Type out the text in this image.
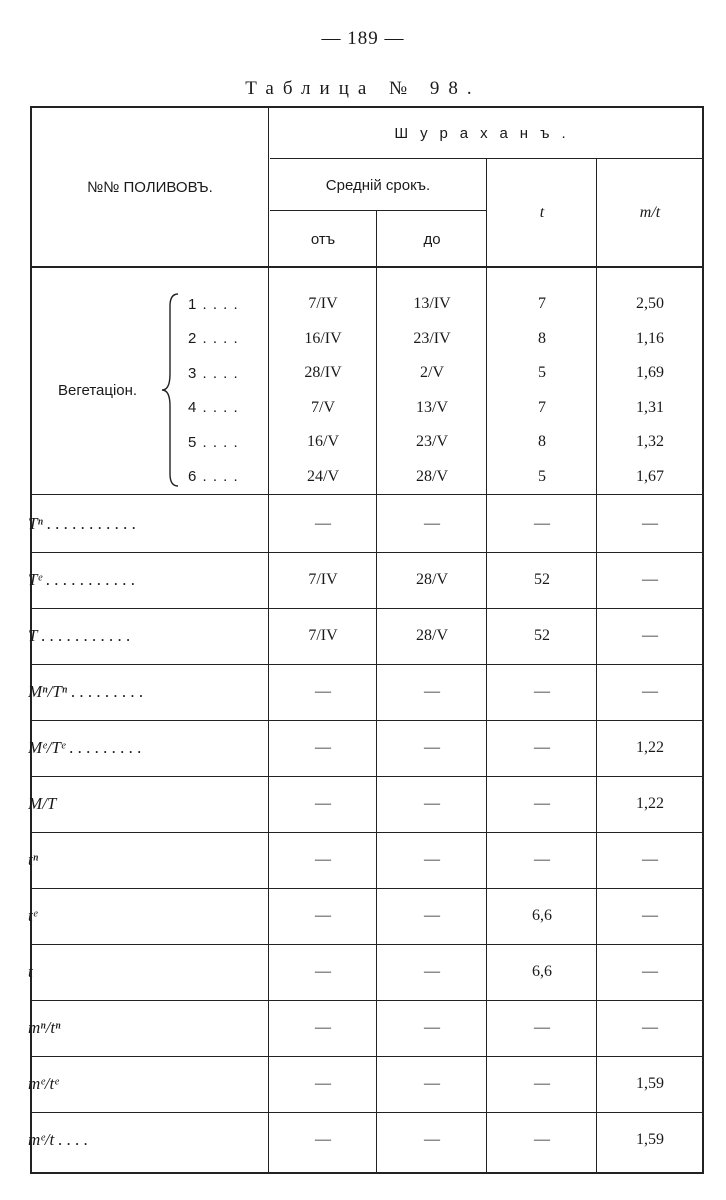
— 189 —
Таблица № 98.
№№ ПОЛИВОВЪ.
Шураханъ.
Среднiй срокъ.
отъ	до
t	m/t
Вегетацiон.
1 . . . .	7/IV	13/IV	7	2,50
2 . . . .	16/IV	23/IV	8	1,16
3 . . . .	28/IV	2/V	5	1,69
4 . . . .	7/V	13/V	7	1,31
5 . . . .	16/V	23/V	8	1,32
6 . . . .	24/V	28/V	5	1,67
Tⁿ . . . . . . . . . . .	—	—	—	—
Tᵉ . . . . . . . . . . .	7/IV	28/V	52	—
T . . . . . . . . . . .	7/IV	28/V	52	—
Mⁿ/Tⁿ . . . . . . . . .	—	—	—	—
Mᵉ/Tᵉ . . . . . . . . .	—	—	—	1,22
M/T	—	—	—	1,22
tⁿ	—	—	—	—
tᵉ	—	—	6,6	—
t	—	—	6,6	—
mⁿ/tⁿ	—	—	—	—
mᵉ/tᵉ	—	—	—	1,59
mᵉ/t . . . .	—	—	—	1,59
